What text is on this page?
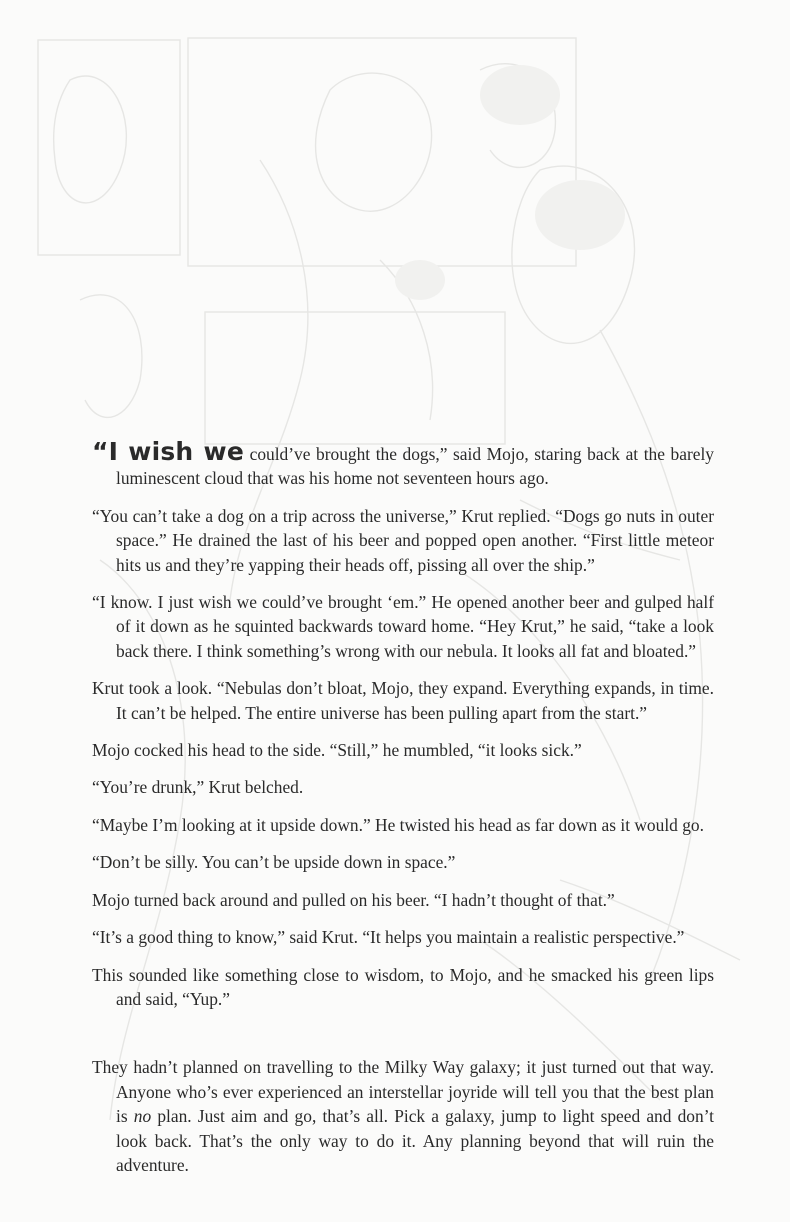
“I wish we could’ve brought the dogs,” said Mojo, staring back at the barely luminescent cloud that was his home not seventeen hours ago.

“You can’t take a dog on a trip across the universe,” Krut replied. “Dogs go nuts in outer space.” He drained the last of his beer and popped open another. “First little meteor hits us and they’re yapping their heads off, pissing all over the ship.”

“I know. I just wish we could’ve brought ‘em.” He opened another beer and gulped half of it down as he squinted backwards toward home. “Hey Krut,” he said, “take a look back there. I think something’s wrong with our nebula. It looks all fat and bloated.”

Krut took a look. “Nebulas don’t bloat, Mojo, they expand. Everything expands, in time. It can’t be helped. The entire universe has been pulling apart from the start.”

Mojo cocked his head to the side. “Still,” he mumbled, “it looks sick.”

“You’re drunk,” Krut belched.

“Maybe I’m looking at it upside down.” He twisted his head as far down as it would go.

“Don’t be silly. You can’t be upside down in space.”

Mojo turned back around and pulled on his beer. “I hadn’t thought of that.”

“It’s a good thing to know,” said Krut. “It helps you maintain a realistic perspective.”

This sounded like something close to wisdom, to Mojo, and he smacked his green lips and said, “Yup.”

They hadn’t planned on travelling to the Milky Way galaxy; it just turned out that way. Anyone who’s ever experienced an interstellar joyride will tell you that the best plan is no plan. Just aim and go, that’s all. Pick a galaxy, jump to light speed and don’t look back. That’s the only way to do it. Any planning beyond that will ruin the adventure.
